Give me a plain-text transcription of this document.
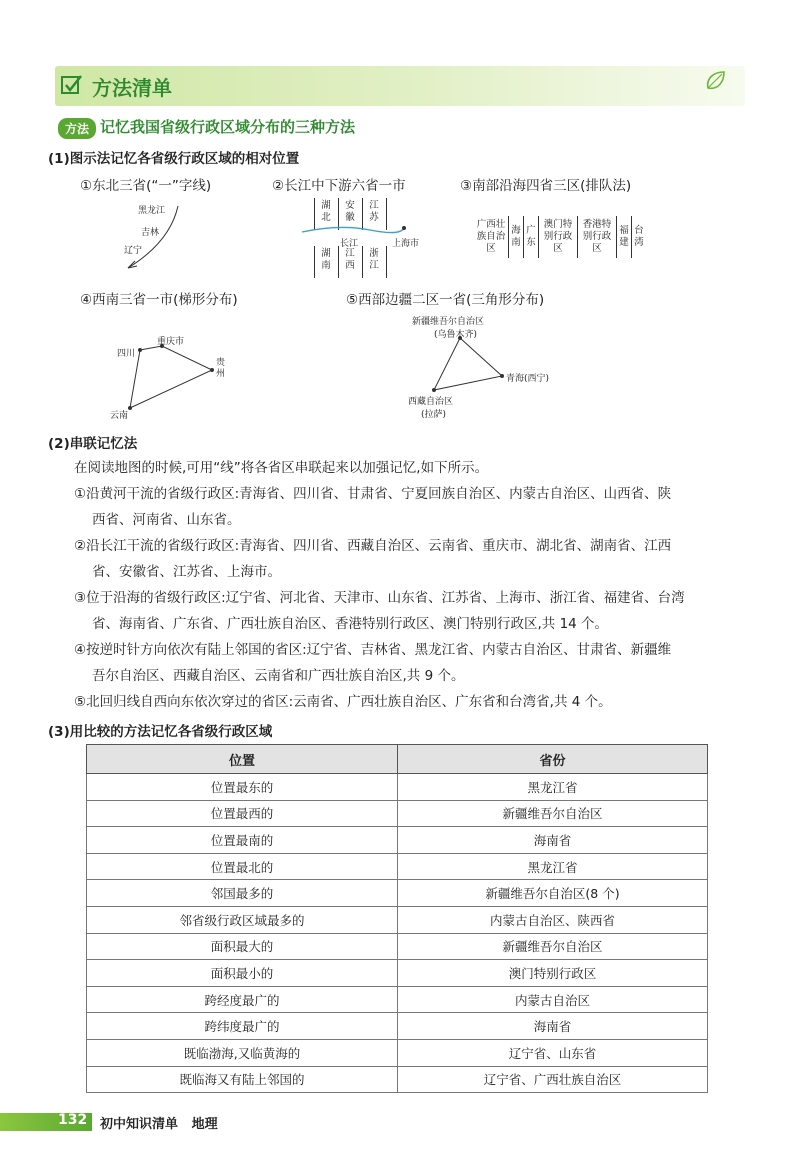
方法清单
方法 记忆我国省级行政区域分布的三种方法
(1)图示法记忆各省级行政区域的相对位置
①东北三省(“一”字线)	②长江中下游六省一市	③南部沿海四省三区(排队法)
黑龙江
吉林
辽宁
湖北
安徽
江苏
长江	上海市
湖南
江西
浙江
广西壮族自治区
海南
广东
澳门特别行政区
香港特别行政区
福建
台湾
④西南三省一市(梯形分布)	⑤西部边疆二区一省(三角形分布)
四川
重庆市
贵州
云南
新疆维吾尔自治区
(乌鲁木齐)
青海(西宁)
西藏自治区
(拉萨)
(2)串联记忆法
在阅读地图的时候,可用“线”将各省区串联起来以加强记忆,如下所示。
①沿黄河干流的省级行政区:青海省、四川省、甘肃省、宁夏回族自治区、内蒙古自治区、山西省、陕
西省、河南省、山东省。
②沿长江干流的省级行政区:青海省、四川省、西藏自治区、云南省、重庆市、湖北省、湖南省、江西
省、安徽省、江苏省、上海市。
③位于沿海的省级行政区:辽宁省、河北省、天津市、山东省、江苏省、上海市、浙江省、福建省、台湾
省、海南省、广东省、广西壮族自治区、香港特别行政区、澳门特别行政区,共 14 个。
④按逆时针方向依次有陆上邻国的省区:辽宁省、吉林省、黑龙江省、内蒙古自治区、甘肃省、新疆维
吾尔自治区、西藏自治区、云南省和广西壮族自治区,共 9 个。
⑤北回归线自西向东依次穿过的省区:云南省、广西壮族自治区、广东省和台湾省,共 4 个。
(3)用比较的方法记忆各省级行政区域
位置	省份
位置最东的	黑龙江省
位置最西的	新疆维吾尔自治区
位置最南的	海南省
位置最北的	黑龙江省
邻国最多的	新疆维吾尔自治区(8 个)
邻省级行政区域最多的	内蒙古自治区、陕西省
面积最大的	新疆维吾尔自治区
面积最小的	澳门特别行政区
跨经度最广的	内蒙古自治区
跨纬度最广的	海南省
既临渤海,又临黄海的	辽宁省、山东省
既临海又有陆上邻国的	辽宁省、广西壮族自治区
132 初中知识清单   地理
